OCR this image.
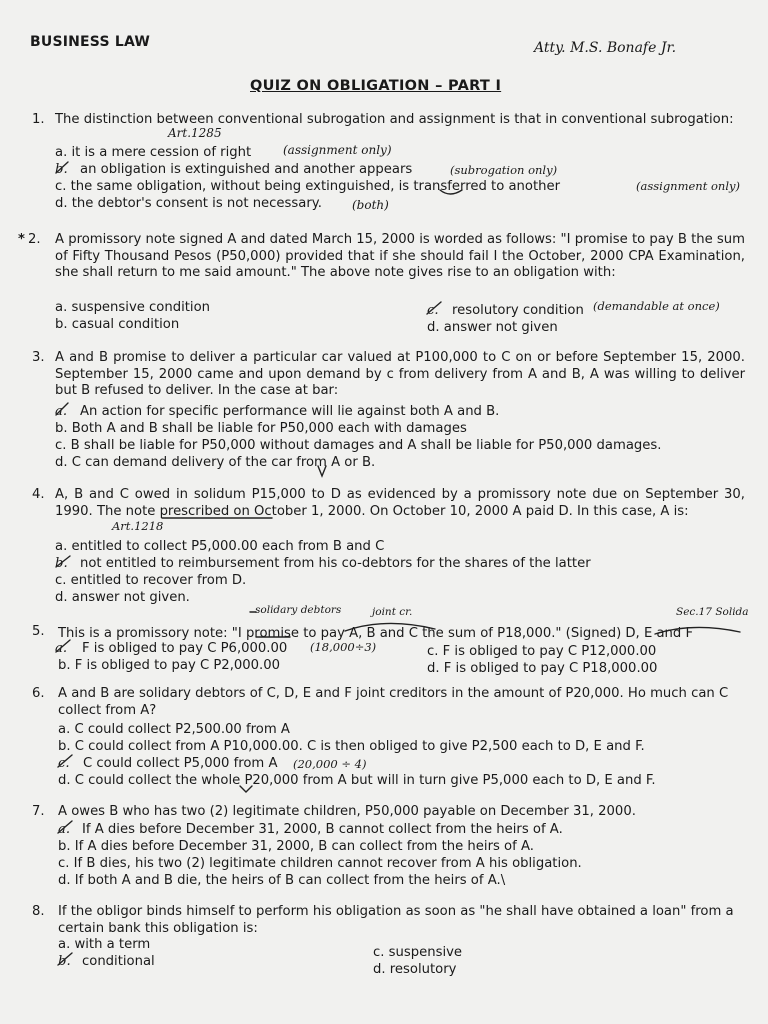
BUSINESS LAW	Atty. M.S. Bonafe Jr.
QUIZ ON OBLIGATION – PART I
1. The distinction between conventional subrogation and assignment is that in conventional subrogation:
Art.1285
a. it is a mere cession of right	(assignment only)
b. an obligation is extinguished and another appears	(subrogation only)
c. the same obligation, without being extinguished, is transferred to another	(assignment only)
d. the debtor's consent is not necessary.	(both)
* 2. A promissory note signed A and dated March 15, 2000 is worded as follows: "I promise to pay B the sum of Fifty Thousand Pesos (P50,000) provided that if she should fail I the October, 2000 CPA Examination, she shall return to me said amount." The above note gives rise to an obligation with:
a. suspensive condition
b. casual condition
c. resolutory condition (demandable at once)
d. answer not given
3. A and B promise to deliver a particular car valued at P100,000 to C on or before September 15, 2000. September 15, 2000 came and upon demand by c from delivery from A and B, A was willing to deliver but B refused to deliver. In the case at bar:
a. An action for specific performance will lie against both A and B.
b. Both A and B shall be liable for P50,000 each with damages
c. B shall be liable for P50,000 without damages and A shall be liable for P50,000 damages.
d. C can demand delivery of the car from A or B.
4. A, B and C owed in solidum P15,000 to D as evidenced by a promissory note due on September 30, 1990. The note prescribed on October 1, 2000. On October 10, 2000 A paid D. In this case, A is:
Art.1218
a. entitled to collect P5,000.00 each from B and C
b. not entitled to reimbursement from his co-debtors for the shares of the latter
c. entitled to recover from D.
d. answer not given.
solidary debtors	joint cr.	Sec.17 Solida
5. This is a promissory note: "I promise to pay A, B and C the sum of P18,000." (Signed) D, E and F
a. F is obliged to pay C P6,000.00 (18,000÷3)
b. F is obliged to pay C P2,000.00
c. F is obliged to pay C P12,000.00
d. F is obliged to pay C P18,000.00
6. A and B are solidary debtors of C, D, E and F joint creditors in the amount of P20,000. Ho much can C collect from A?
a. C could collect P2,500.00 from A
b. C could collect from A P10,000.00. C is then obliged to give P2,500 each to D, E and F.
c. C could collect P5,000 from A (20,000 ÷ 4)
d. C could collect the whole P20,000 from A but will in turn give P5,000 each to D, E and F.
7. A owes B who has two (2) legitimate children, P50,000 payable on December 31, 2000.
a. If A dies before December 31, 2000, B cannot collect from the heirs of A.
b. If A dies before December 31, 2000, B can collect from the heirs of A.
c. If B dies, his two (2) legitimate children cannot recover from A his obligation.
d. If both A and B die, the heirs of B can collect from the heirs of A.\
8. If the obligor binds himself to perform his obligation as soon as "he shall have obtained a loan" from a certain bank this obligation is:
a. with a term
b. conditional
c. suspensive
d. resolutory
